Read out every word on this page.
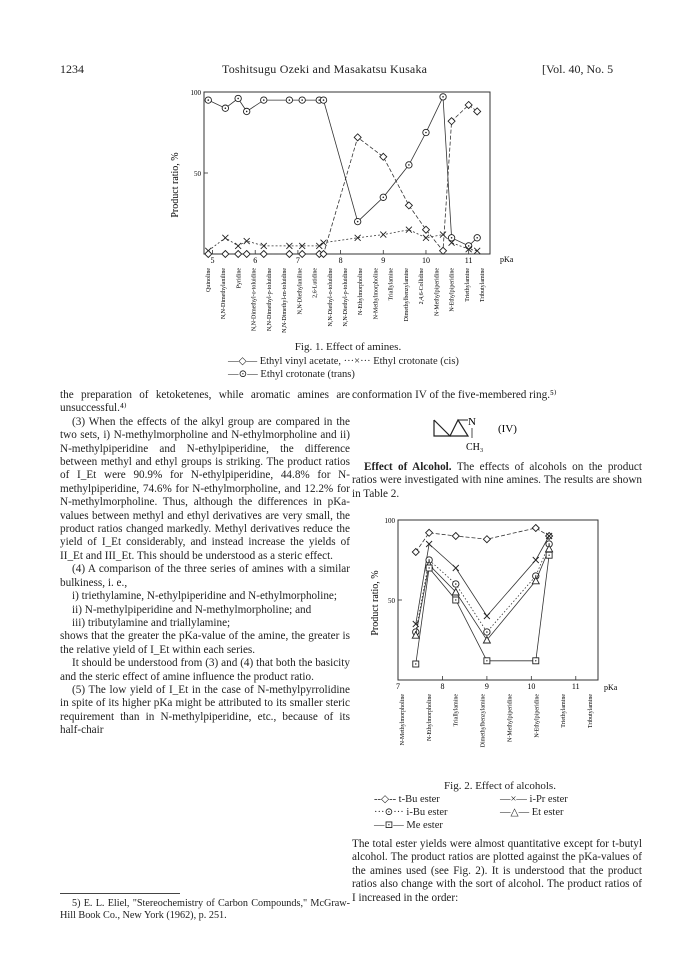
1234	Toshitsugu Ozeki and Masakatsu Kusaka	[Vol. 40, No. 5
100
50
5	6	7	8	9	10	11
Product ratio, %
pKa
Quinoline N,N-Dimethylaniline Pyridine N,N-Dimethyl-o-toluidine N,N-Dimethyl-p-toluidine N,N-Dimethyl-m-toluidine N,N-Diethylaniline 2,6-Lutidine N,N-Diethyl-o-toluidine N,N-Diethyl-p-toluidine N-Ethylmorpholine N-Methylmorpholine Triallylamine Dimethylbenzylamine 2,4,6-Collidine N-Methylpiperidine N-Ethylpiperidine Triethylamine Tributylamine
Fig. 1. Effect of amines.
—◇— Ethyl vinyl acetate, ···×··· Ethyl crotonate (cis)
—⊙— Ethyl crotonate (trans)

the preparation of ketoketenes, while aromatic amines are unsuccessful.⁴⁾

(3) When the effects of the alkyl group are compared in the two sets, i) N-methylmorpholine and N-ethylmorpholine and ii) N-methylpiperidine and N-ethylpiperidine, the difference between methyl and ethyl groups is striking. The product ratios of I_Et were 90.9% for N-ethylpiperidine, 44.8% for N-methylpiperidine, 74.6% for N-ethylmorpholine, and 12.2% for N-methylmorpholine. Thus, although the differences in pKa-values between methyl and ethyl derivatives are very small, the product ratios changed markedly. Methyl derivatives reduce the yield of I_Et considerably, and instead increase the yields of II_Et and III_Et. This should be understood as a steric effect.

(4) A comparison of the three series of amines with a similar bulkiness, i. e.,

i) triethylamine, N-ethylpiperidine and N-ethylmorpholine;

ii) N-methylpiperidine and N-methylmorpholine; and

iii) tributylamine and triallylamine;

shows that the greater the pKa-value of the amine, the greater is the relative yield of I_Et within each series.

It should be understood from (3) and (4) that both the basicity and the steric effect of amine influence the product ratio.

(5) The low yield of I_Et in the case of N-methylpyrrolidine in spite of its higher pKa might be attributed to its smaller steric requirement than in N-methylpiperidine, etc., because of its half-chair

5) E. L. Eliel, "Stereochemistry of Carbon Compounds," McGraw-Hill Book Co., New York (1962), p. 251.

conformation IV of the five-membered ring.⁵⁾

N
CH₃
(IV)

Effect of Alcohol. The effects of alcohols on the product ratios were investigated with nine amines. The results are shown in Table 2.

100
50
7	8	9	10	11
Product ratio, %
pKa
N-Methylmorpholine	N-Ethylmorpholine	Triallylamine	Dimethylbenzylamine	N-Methylpiperidine	N-Ethylpiperidine	Triethylamine	Tributylamine
Fig. 2. Effect of alcohols.
--◇-- t-Bu ester	—×— i-Pr ester
···⊙··· i-Bu ester	—△— Et ester
—⊡— Me ester

The total ester yields were almost quantitative except for t-butyl alcohol. The product ratios are plotted against the pKa-values of the amines used (see Fig. 2). It is understood that the product ratios also change with the sort of alcohol. The product ratios of I increased in the order:
